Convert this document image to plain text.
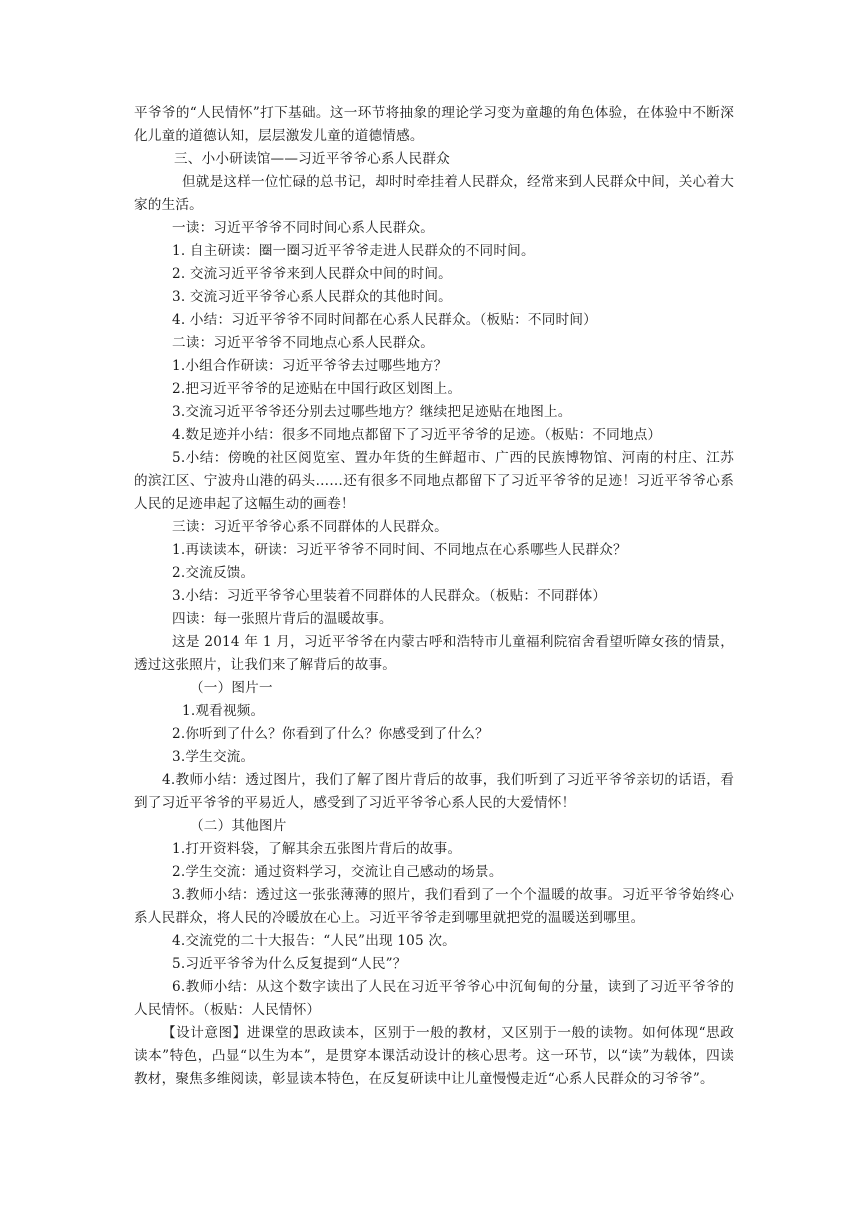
平爷爷的“人民情怀”打下基础。这一环节将抽象的理论学习变为童趣的角色体验，在体验中不断深化儿童的道德认知，层层激发儿童的道德情感。

三、小小研读馆——习近平爷爷心系人民群众

但就是这样一位忙碌的总书记，却时时牵挂着人民群众，经常来到人民群众中间，关心着大家的生活。

一读：习近平爷爷不同时间心系人民群众。

1. 自主研读：圈一圈习近平爷爷走进人民群众的不同时间。

2. 交流习近平爷爷来到人民群众中间的时间。

3. 交流习近平爷爷心系人民群众的其他时间。

4. 小结：习近平爷爷不同时间都在心系人民群众。（板贴：不同时间）

二读：习近平爷爷不同地点心系人民群众。

1.小组合作研读：习近平爷爷去过哪些地方？

2.把习近平爷爷的足迹贴在中国行政区划图上。

3.交流习近平爷爷还分别去过哪些地方？继续把足迹贴在地图上。

4.数足迹并小结：很多不同地点都留下了习近平爷爷的足迹。（板贴：不同地点）

5.小结：傍晚的社区阅览室、置办年货的生鲜超市、广西的民族博物馆、河南的村庄、江苏的滨江区、宁波舟山港的码头……还有很多不同地点都留下了习近平爷爷的足迹！习近平爷爷心系人民的足迹串起了这幅生动的画卷！

三读：习近平爷爷心系不同群体的人民群众。

1.再读读本，研读：习近平爷爷不同时间、不同地点在心系哪些人民群众？

2.交流反馈。

3.小结：习近平爷爷心里装着不同群体的人民群众。（板贴：不同群体）

四读：每一张照片背后的温暖故事。

这是 2014 年 1 月，习近平爷爷在内蒙古呼和浩特市儿童福利院宿舍看望听障女孩的情景，透过这张照片，让我们来了解背后的故事。

（一）图片一

1.观看视频。

2.你听到了什么？你看到了什么？你感受到了什么？

3.学生交流。

4.教师小结：透过图片，我们了解了图片背后的故事，我们听到了习近平爷爷亲切的话语，看到了习近平爷爷的平易近人，感受到了习近平爷爷心系人民的大爱情怀！

（二）其他图片

1.打开资料袋，了解其余五张图片背后的故事。

2.学生交流：通过资料学习，交流让自己感动的场景。

3.教师小结：透过这一张张薄薄的照片，我们看到了一个个温暖的故事。习近平爷爷始终心系人民群众，将人民的冷暖放在心上。习近平爷爷走到哪里就把党的温暖送到哪里。

4.交流党的二十大报告：“人民”出现 105 次。

5.习近平爷爷为什么反复提到“人民”？

6.教师小结：从这个数字读出了人民在习近平爷爷心中沉甸甸的分量，读到了习近平爷爷的人民情怀。（板贴：人民情怀）

【设计意图】进课堂的思政读本，区别于一般的教材，又区别于一般的读物。如何体现“思政读本”特色，凸显“以生为本”，是贯穿本课活动设计的核心思考。这一环节，以“读”为载体，四读教材，聚焦多维阅读，彰显读本特色，在反复研读中让儿童慢慢走近“心系人民群众的习爷爷”。
